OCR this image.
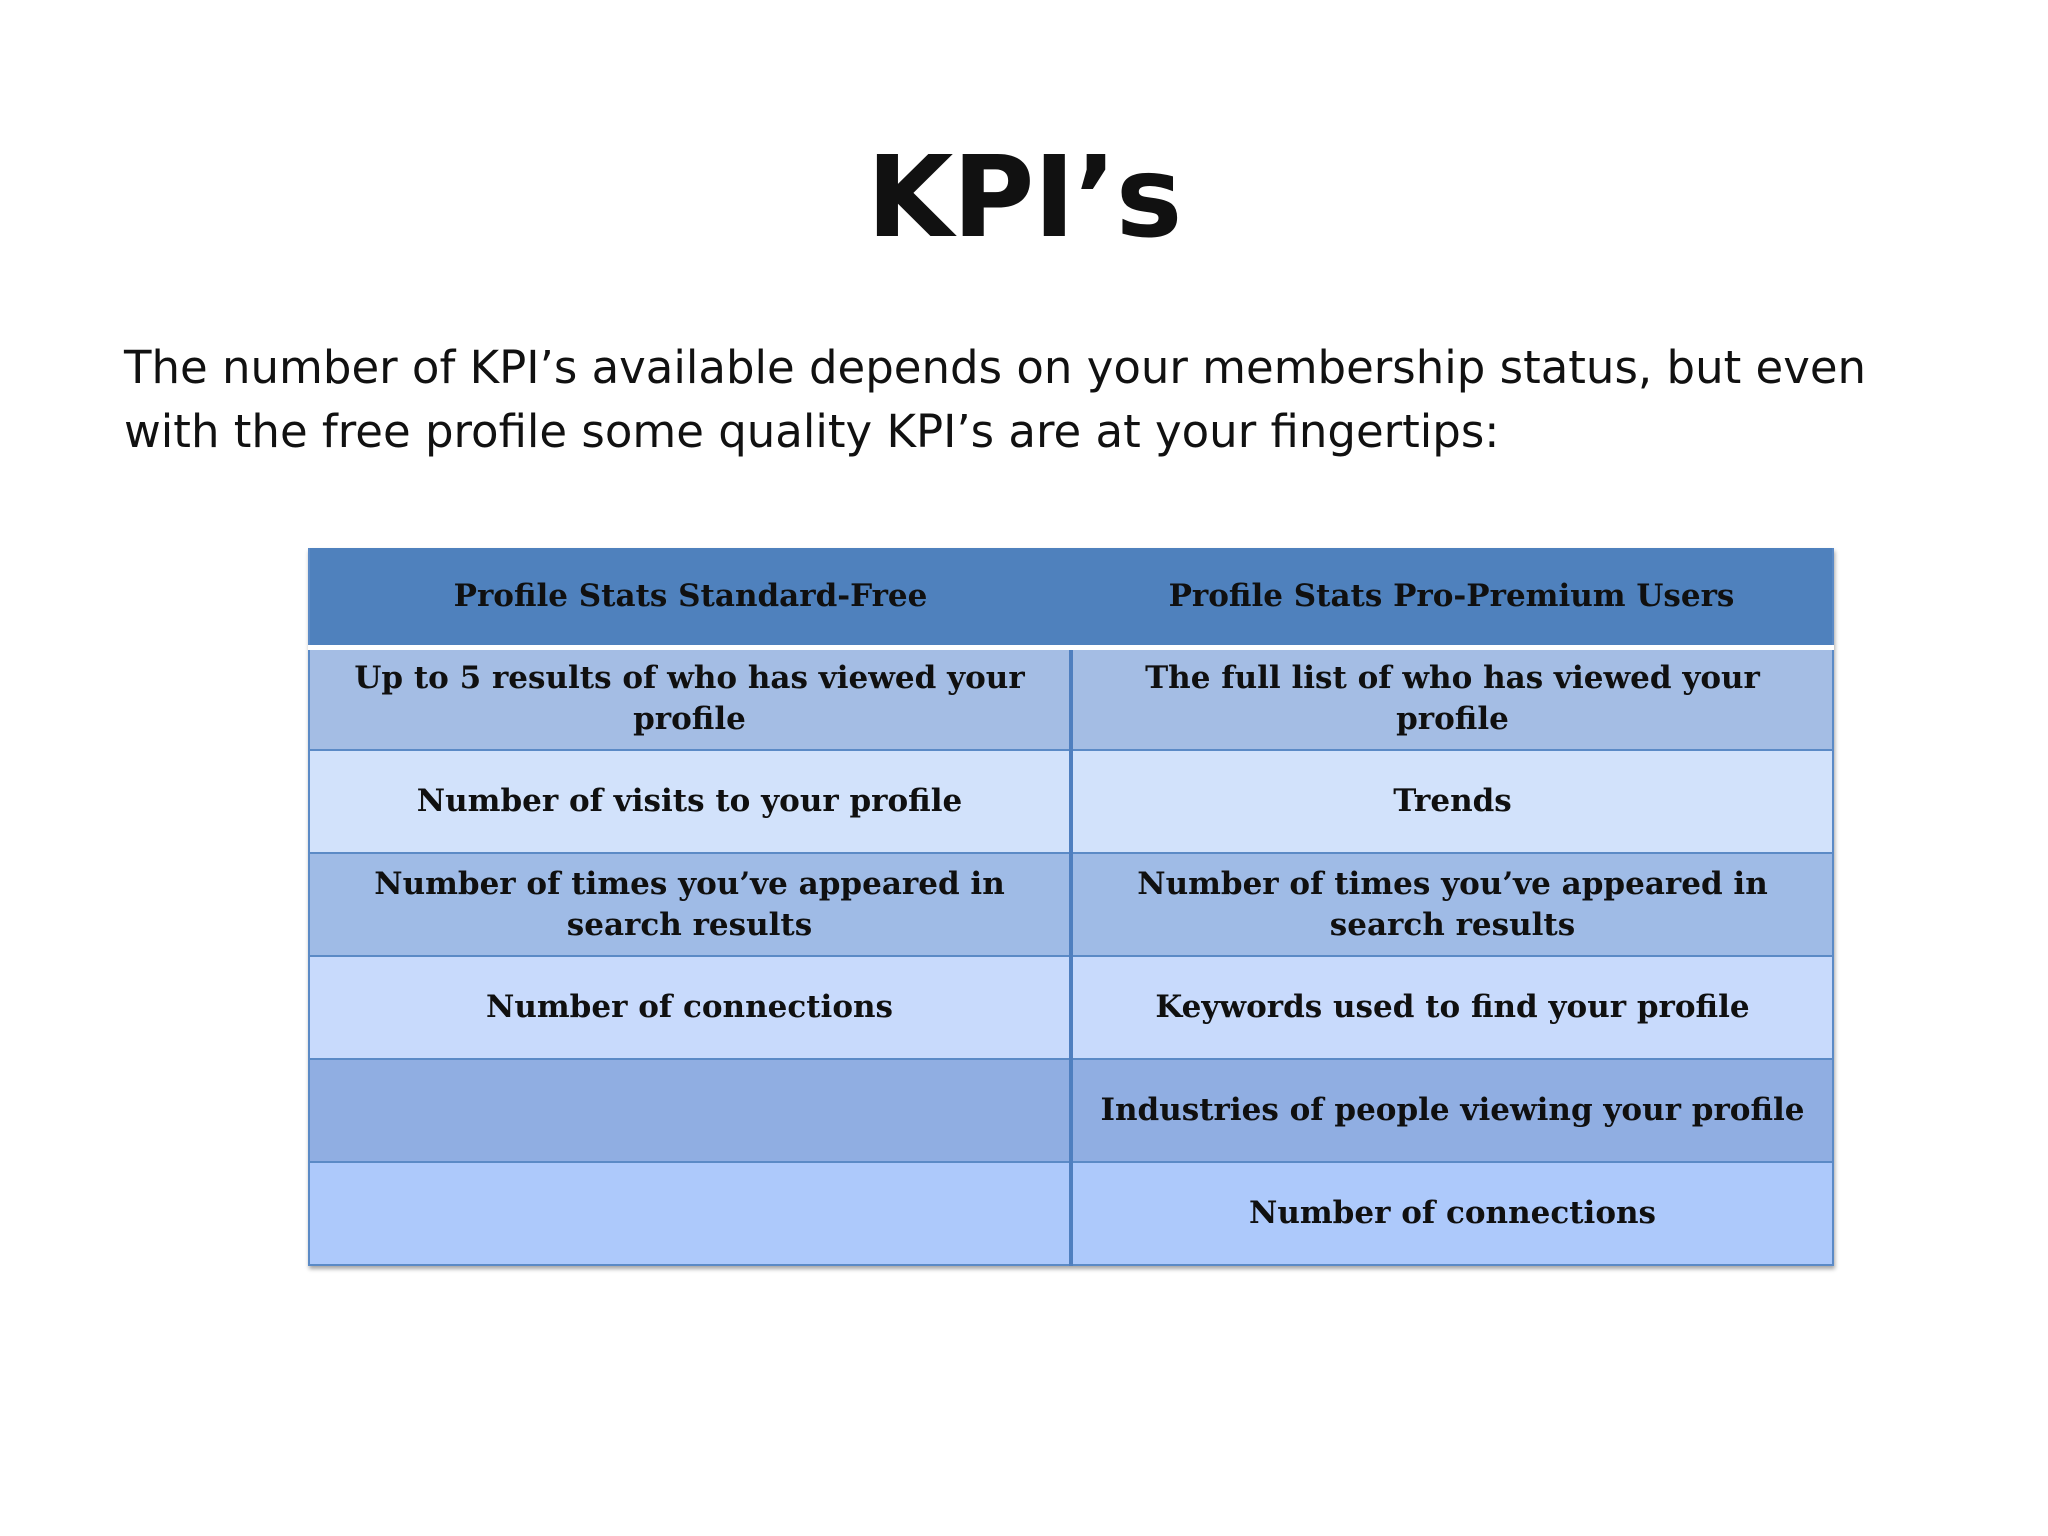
KPI’s

The number of KPI’s available depends on your membership status, but even with the free profile some quality KPI’s are at your fingertips:

Profile Stats Standard-Free	Profile Stats Pro-Premium Users
Up to 5 results of who has viewed your profile	The full list of who has viewed your profile
Number of visits to your profile	Trends
Number of times you’ve appeared in search results	Number of times you’ve appeared in search results
Number of connections	Keywords used to find your profile
	Industries of people viewing your profile
	Number of connections
